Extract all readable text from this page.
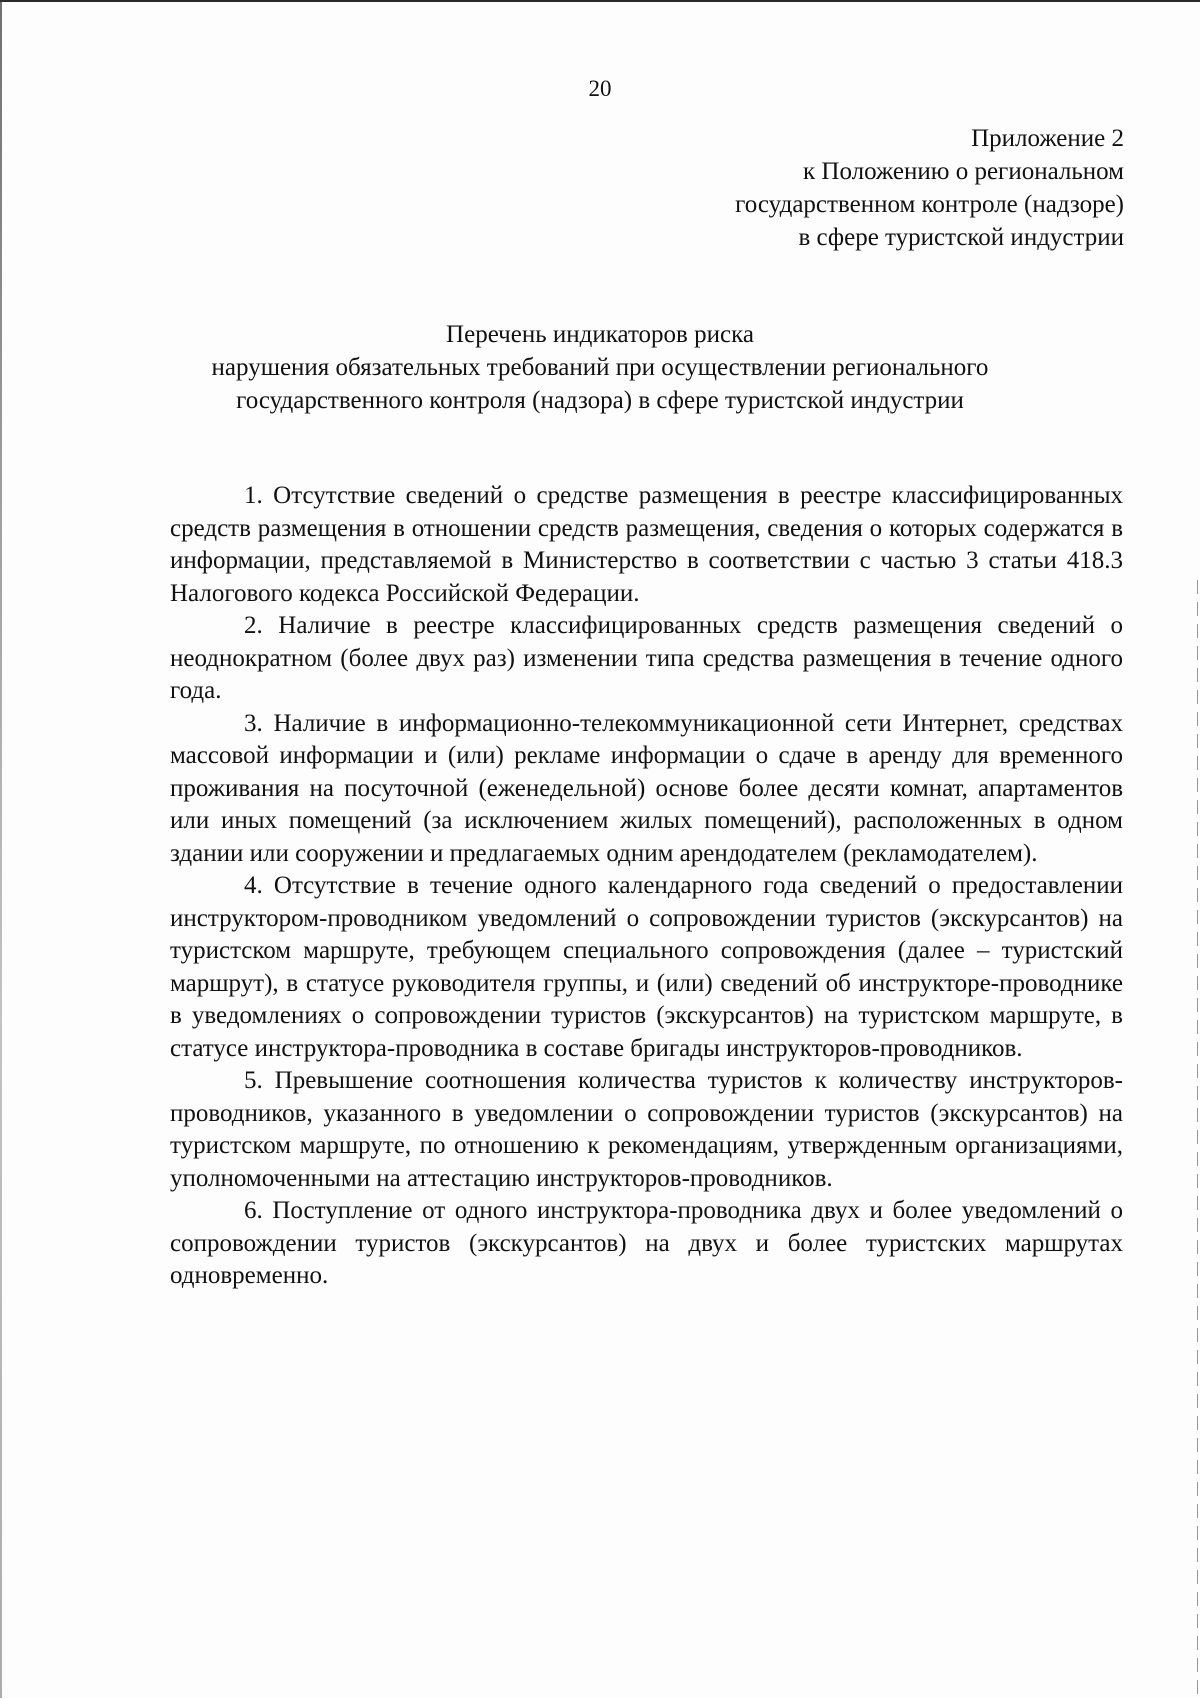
20
Приложение 2
к Положению о региональном
государственном контроле (надзоре)
в сфере туристской индустрии
Перечень индикаторов риска
нарушения обязательных требований при осуществлении регионального
государственного контроля (надзора) в сфере туристской индустрии

1. Отсутствие сведений о средстве размещения в реестре классифицированных средств размещения в отношении средств размещения, сведения о которых содержатся в информации, представляемой в Министерство в соответствии с частью 3 статьи 418.3 Налогового кодекса Российской Федерации.

2. Наличие в реестре классифицированных средств размещения сведений о неоднократном (более двух раз) изменении типа средства размещения в течение одного года.

3. Наличие в информационно-телекоммуникационной сети Интернет, средствах массовой информации и (или) рекламе информации о сдаче в аренду для временного проживания на посуточной (еженедельной) основе более десяти комнат, апартаментов или иных помещений (за исключением жилых помещений), расположенных в одном здании или сооружении и предлагаемых одним арендодателем (рекламодателем).

4. Отсутствие в течение одного календарного года сведений о предоставлении инструктором-проводником уведомлений о сопровождении туристов (экскурсантов) на туристском маршруте, требующем специального сопровождения (далее – туристский маршрут), в статусе руководителя группы, и (или) сведений об инструкторе-проводнике в уведомлениях о сопровождении туристов (экскурсантов) на туристском маршруте, в статусе инструктора-проводника в составе бригады инструкторов-проводников.

5. Превышение соотношения количества туристов к количеству инструкторов-проводников, указанного в уведомлении о сопровождении туристов (экскурсантов) на туристском маршруте, по отношению к рекомендациям, утвержденным организациями, уполномоченными на аттестацию инструкторов-проводников.

6. Поступление от одного инструктора-проводника двух и более уведомлений о сопровождении туристов (экскурсантов) на двух и более туристских маршрутах одновременно.
